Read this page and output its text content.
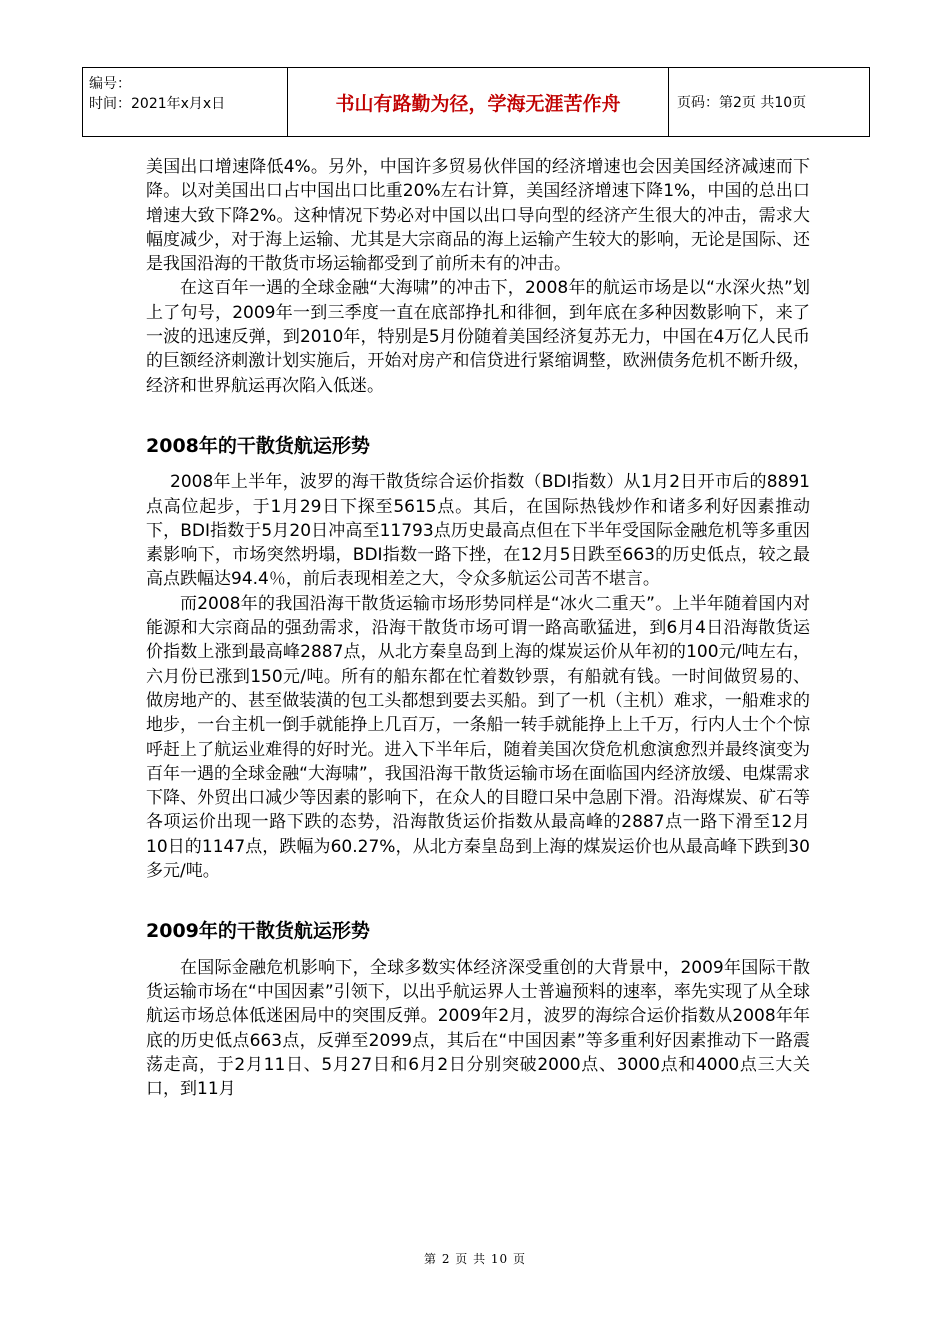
编号：
时间：2021年x月x日	书山有路勤为径，学海无涯苦作舟	页码：第2页 共10页

美国出口增速降低4%。另外，中国许多贸易伙伴国的经济增速也会因美国经济减速而下降。以对美国出口占中国出口比重20%左右计算，美国经济增速下降1%，中国的总出口增速大致下降2%。这种情况下势必对中国以出口导向型的经济产生很大的冲击，需求大幅度减少，对于海上运输、尤其是大宗商品的海上运输产生较大的影响，无论是国际、还是我国沿海的干散货市场运输都受到了前所未有的冲击。

在这百年一遇的全球金融“大海啸”的冲击下，2008年的航运市场是以“水深火热”划上了句号，2009年一到三季度一直在底部挣扎和徘徊，到年底在多种因数影响下，来了一波的迅速反弹，到2010年，特别是5月份随着美国经济复苏无力，中国在4万亿人民币的巨额经济刺激计划实施后，开始对房产和信贷进行紧缩调整，欧洲债务危机不断升级，经济和世界航运再次陷入低迷。

2008年的干散货航运形势

2008年上半年，波罗的海干散货综合运价指数（BDI指数）从1月2日开市后的8891点高位起步，于1月29日下探至5615点。其后，在国际热钱炒作和诸多利好因素推动下，BDI指数于5月20日冲高至11793点历史最高点但在下半年受国际金融危机等多重因素影响下，市场突然坍塌，BDI指数一路下挫，在12月5日跌至663的历史低点，较之最高点跌幅达94.4％，前后表现相差之大，令众多航运公司苦不堪言。

而2008年的我国沿海干散货运输市场形势同样是“冰火二重天”。上半年随着国内对能源和大宗商品的强劲需求，沿海干散货市场可谓一路高歌猛进，到6月4日沿海散货运价指数上涨到最高峰2887点，从北方秦皇岛到上海的煤炭运价从年初的100元/吨左右，六月份已涨到150元/吨。所有的船东都在忙着数钞票，有船就有钱。一时间做贸易的、做房地产的、甚至做装潢的包工头都想到要去买船。到了一机（主机）难求，一船难求的地步，一台主机一倒手就能挣上几百万，一条船一转手就能挣上上千万，行内人士个个惊呼赶上了航运业难得的好时光。进入下半年后，随着美国次贷危机愈演愈烈并最终演变为百年一遇的全球金融“大海啸”，我国沿海干散货运输市场在面临国内经济放缓、电煤需求下降、外贸出口减少等因素的影响下，在众人的目瞪口呆中急剧下滑。沿海煤炭、矿石等各项运价出现一路下跌的态势，沿海散货运价指数从最高峰的2887点一路下滑至12月10日的1147点，跌幅为60.27%，从北方秦皇岛到上海的煤炭运价也从最高峰下跌到30多元/吨。

2009年的干散货航运形势

在国际金融危机影响下，全球多数实体经济深受重创的大背景中，2009年国际干散货运输市场在“中国因素”引领下，以出乎航运界人士普遍预料的速率，率先实现了从全球航运市场总体低迷困局中的突围反弹。2009年2月，波罗的海综合运价指数从2008年年底的历史低点663点，反弹至2099点，其后在“中国因素”等多重利好因素推动下一路震荡走高，于2月11日、5月27日和6月2日分别突破2000点、3000点和4000点三大关口，到11月

第 2 页 共 10 页
